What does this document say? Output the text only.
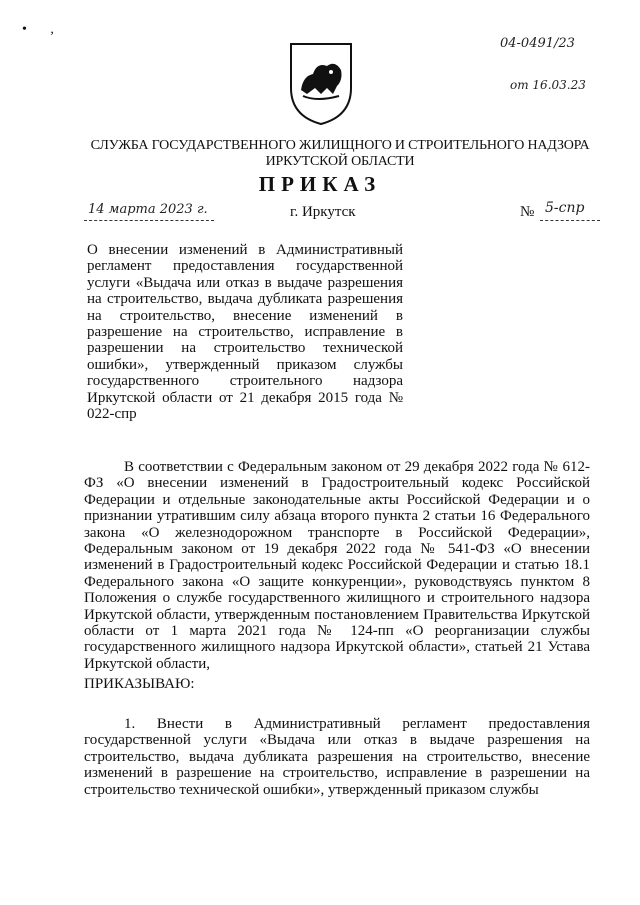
• ,
04-0491/23
от 16.03.23
СЛУЖБА ГОСУДАРСТВЕННОГО ЖИЛИЩНОГО И СТРОИТЕЛЬНОГО НАДЗОРА ИРКУТСКОЙ ОБЛАСТИ
ПРИКАЗ
14 марта 2023 г.	г. Иркутск	№ 5-спр
О внесении изменений в Административный регламент предоставления государственной услуги «Выдача или отказ в выдаче разрешения на строительство, выдача дубликата разрешения на строительство, внесение изменений в разрешение на строительство, исправление в разрешении на строительство технической ошибки», утвержденный приказом службы государственного строительного надзора Иркутской области от 21 декабря 2015 года № 022-спр
В соответствии с Федеральным законом от 29 декабря 2022 года № 612-ФЗ «О внесении изменений в Градостроительный кодекс Российской Федерации и отдельные законодательные акты Российской Федерации и о признании утратившим силу абзаца второго пункта 2 статьи 16 Федерального закона «О железнодорожном транспорте в Российской Федерации», Федеральным законом от 19 декабря 2022 года № 541-ФЗ «О внесении изменений в Градостроительный кодекс Российской Федерации и статью 18.1 Федерального закона «О защите конкуренции», руководствуясь пунктом 8 Положения о службе государственного жилищного и строительного надзора Иркутской области, утвержденным постановлением Правительства Иркутской области от 1 марта 2021 года № 124-пп «О реорганизации службы государственного жилищного надзора Иркутской области», статьей 21 Устава Иркутской области,
ПРИКАЗЫВАЮ:
1. Внести в Административный регламент предоставления государственной услуги «Выдача или отказ в выдаче разрешения на строительство, выдача дубликата разрешения на строительство, внесение изменений в разрешение на строительство, исправление в разрешении на строительство технической ошибки», утвержденный приказом службы
